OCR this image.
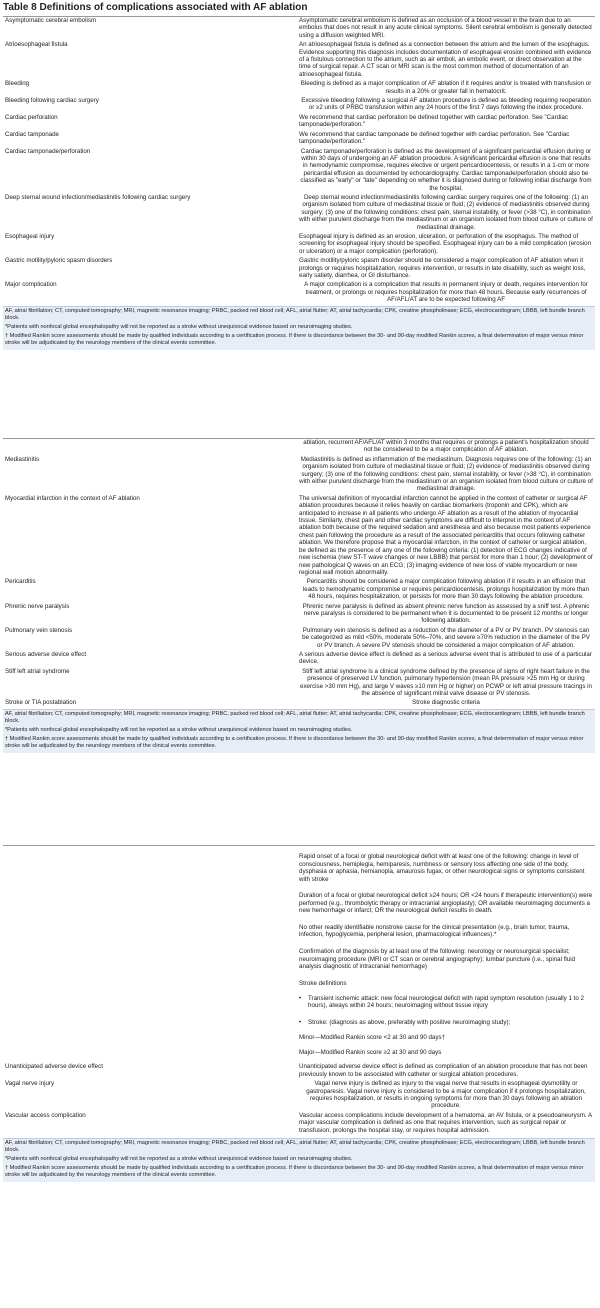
Table 8 Definitions of complications associated with AF ablation
Asymptomatic cerebral embolism	Asymptomatic cerebral embolism is defined as an occlusion of a blood vessel in the brain due to an embolus that does not result in any acute clinical symptoms. Silent cerebral embolism is generally detected using a diffusion weighted MRI.
Atrioesophageal fistula	An atrioesophageal fistula is defined as a connection between the atrium and the lumen of the esophagus. Evidence supporting this diagnosis includes documentation of esophageal erosion combined with evidence of a fistulous connection to the atrium, such as air emboli, an embolic event, or direct observation at the time of surgical repair. A CT scan or MRI scan is the most common method of documentation of an atrioesophageal fistula.
Bleeding	Bleeding is defined as a major complication of AF ablation if it requires and/or is treated with transfusion or results in a 20% or greater fall in hematocrit.
Bleeding following cardiac surgery	Excessive bleeding following a surgical AF ablation procedure is defined as bleeding requiring reoperation or ≥2 units of PRBC transfusion within any 24 hours of the first 7 days following the index procedure.
Cardiac perforation	We recommend that cardiac perforation be defined together with cardiac perforation. See "Cardiac tamponade/perforation."
Cardiac tamponade	We recommend that cardiac tamponade be defined together with cardiac perforation. See "Cardiac tamponade/perforation."
Cardiac tamponade/perforation	Cardiac tamponade/perforation is defined as the development of a significant pericardial effusion during or within 30 days of undergoing an AF ablation procedure. A significant pericardial effusion is one that results in hemodynamic compromise, requires elective or urgent pericardiocentesis, or results in a 1-cm or more pericardial effusion as documented by echocardiography. Cardiac tamponade/perforation should also be classified as "early" or "late" depending on whether it is diagnosed during or following initial discharge from the hospital.
Deep sternal wound infection/mediastinitis following cardiac surgery	Deep sternal wound infection/mediastinitis following cardiac surgery requires one of the following: (1) an organism isolated from culture of mediastinal tissue or fluid; (2) evidence of mediastinitis observed during surgery; (3) one of the following conditions: chest pain, sternal instability, or fever (>38 °C), in combination with either purulent discharge from the mediastinum or an organism isolated from blood culture or culture of mediastinal drainage.
Esophageal injury	Esophageal injury is defined as an erosion, ulceration, or perforation of the esophagus. The method of screening for esophageal injury should be specified. Esophageal injury can be a mild complication (erosion or ulceration) or a major complication (perforation).
Gastric motility/pyloric spasm disorders	Gastric motility/pyloric spasm disorder should be considered a major complication of AF ablation when it prolongs or requires hospitalization, requires intervention, or results in late disability, such as weight loss, early satiety, diarrhea, or GI disturbance.
Major complication	A major complication is a complication that results in permanent injury or death, requires intervention for treatment, or prolongs or requires hospitalization for more than 48 hours. Because early recurrences of AF/AFL/AT are to be expected following AF

AF, atrial fibrillation; CT, computed tomography; MRI, magnetic resonance imaging; PRBC, packed red blood cell; AFL, atrial flutter; AT, atrial tachycardia; CPK, creatine phospholinase; ECG, electrocardiogram; LBBB, left bundle branch block.

*Patients with nonfocal global encephalopathy will not be reported as a stroke without unequivocal evidence based on neuroimaging studies.

† Modified Rankin score assessments should be made by qualified individuals according to a certification process. If there is discordance between the 30- and 90-day modified Rankin scores, a final determination of major versus minor stroke will be adjudicated by the neurology members of the clinical events committee.

ablation, recurrent AF/AFL/AT within 3 months that requires or prolongs a patient's hospitalization should not be considered to be a major complication of AF ablation.
Mediastinitis	Mediastinitis is defined as inflammation of the mediastinum. Diagnosis requires one of the following: (1) an organism isolated from culture of mediastinal tissue or fluid; (2) evidence of mediastinitis observed during surgery; (3) one of the following conditions: chest pain, sternal instability, or fever (>38 °C), in combination with either purulent discharge from the mediastinum or an organism isolated from blood culture or culture of mediastinal drainage.
Myocardial infarction in the context of AF ablation	The universal definition of myocardial infarction cannot be applied in the context of catheter or surgical AF ablation procedures because it relies heavily on cardiac biomarkers (troponin and CPK), which are anticipated to increase in all patients who undergo AF ablation as a result of the ablation of myocardial tissue. Similarly, chest pain and other cardiac symptoms are difficult to interpret in the context of AF ablation both because of the required sedation and anesthesia and also because most patients experience chest pain following the procedure as a result of the associated pericarditis that occurs following catheter ablation. We therefore propose that a myocardial infarction, in the context of catheter or surgical ablation, be defined as the presence of any one of the following criteria: (1) detection of ECG changes indicative of new ischemia (new ST-T wave changes or new LBBB) that persist for more than 1 hour; (2) development of new pathological Q waves on an ECG; (3) imaging evidence of new loss of viable myocardium or new regional wall motion abnormality.
Pericarditis	Pericarditis should be considered a major complication following ablation if it results in an effusion that leads to hemodynamic compromise or requires pericardiocentesis, prolongs hospitalization by more than 48 hours, requires hospitalization, or persists for more than 30 days following the ablation procedure.
Phrenic nerve paralysis	Phrenic nerve paralysis is defined as absent phrenic nerve function as assessed by a sniff test. A phrenic nerve paralysis is considered to be permanent when it is documented to be present 12 months or longer following ablation.
Pulmonary vein stenosis	Pulmonary vein stenosis is defined as a reduction of the diameter of a PV or PV branch. PV stenosis can be categorized as mild <50%, moderate 50%–70%, and severe ≥70% reduction in the diameter of the PV or PV branch. A severe PV stenosis should be considered a major complication of AF ablation.
Serious adverse device effect	A serious adverse device effect is defined as a serious adverse event that is attributed to use of a particular device.
Stiff left atrial syndrome	Stiff left atrial syndrome is a clinical syndrome defined by the presence of signs of right heart failure in the presence of preserved LV function, pulmonary hypertension (mean PA pressure >25 mm Hg or during exercise >30 mm Hg), and large V waves ≥10 mm Hg or higher) on PCWP or left atrial pressure tracings in the absence of significant mitral valve disease or PV stenosis.
Stroke or TIA postablation	Stroke diagnostic criteria

AF, atrial fibrillation; CT, computed tomography; MRI, magnetic resonance imaging; PRBC, packed red blood cell; AFL, atrial flutter; AT, atrial tachycardia; CPK, creatine phospholinase; ECG, electrocardiogram; LBBB, left bundle branch block.

*Patients with nonfocal global encephalopathy will not be reported as a stroke without unequivocal evidence based on neuroimaging studies.

† Modified Rankin score assessments should be made by qualified individuals according to a certification process. If there is discordance between the 30- and 90-day modified Rankin scores, a final determination of major versus minor stroke will be adjudicated by the neurology members of the clinical events committee.

Rapid onset of a focal or global neurological deficit with at least one of the following: change in level of consciousness, hemiplegia, hemiparesis, numbness or sensory loss affecting one side of the body, dysphasia or aphasia, hemianopia, amaurosis fugax, or other neurological signs or symptoms consistent with stroke

Duration of a focal or global neurological deficit ≥24 hours; OR <24 hours if therapeutic intervention(s) were performed (e.g., thrombolytic therapy or intracranial angioplasty); OR available neuroimaging documents a new hemorrhage or infarct; OR the neurological deficit results in death.

No other readily identifiable nonstroke cause for the clinical presentation (e.g., brain tumor, trauma, infection, hypoglycemia, peripheral lesion, pharmacological influences).*

Confirmation of the diagnosis by at least one of the following: neurology or neurosurgical specialist; neuroimaging procedure (MRI or CT scan or cerebral angiography); lumbar puncture (i.e., spinal fluid analysis diagnostic of intracranial hemorrhage)

Stroke definitions

•	Transient ischemic attack: new focal neurological deficit with rapid symptom resolution (usually 1 to 2 hours), always within 24 hours; neuroimaging without tissue injury

•	Stroke: (diagnosis as above, preferably with positive neuroimaging study);

Minor—Modified Rankin score <2 at 30 and 90 days†

Major—Modified Rankin score ≥2 at 30 and 90 days

Unanticipated adverse device effect	Unanticipated adverse device effect is defined as complication of an ablation procedure that has not been previously known to be associated with catheter or surgical ablation procedures.
Vagal nerve injury	Vagal nerve injury is defined as injury to the vagal nerve that results in esophageal dysmotility or gastroparesis. Vagal nerve injury is considered to be a major complication if it prolongs hospitalization, requires hospitalization, or results in ongoing symptoms for more than 30 days following an ablation procedure.
Vascular access complication	Vascular access complications include development of a hematoma, an AV fistula, or a pseudoaneurysm. A major vascular complication is defined as one that requires intervention, such as surgical repair or transfusion, prolongs the hospital stay, or requires hospital admission.

AF, atrial fibrillation; CT, computed tomography; MRI, magnetic resonance imaging; PRBC, packed red blood cell; AFL, atrial flutter; AT, atrial tachycardia; CPK, creatine phospholinase; ECG, electrocardiogram; LBBB, left bundle branch block.

*Patients with nonfocal global encephalopathy will not be reported as a stroke without unequivocal evidence based on neuroimaging studies.

† Modified Rankin score assessments should be made by qualified individuals according to a certification process. If there is discordance between the 30- and 90-day modified Rankin scores, a final determination of major versus minor stroke will be adjudicated by the neurology members of the clinical events committee.
